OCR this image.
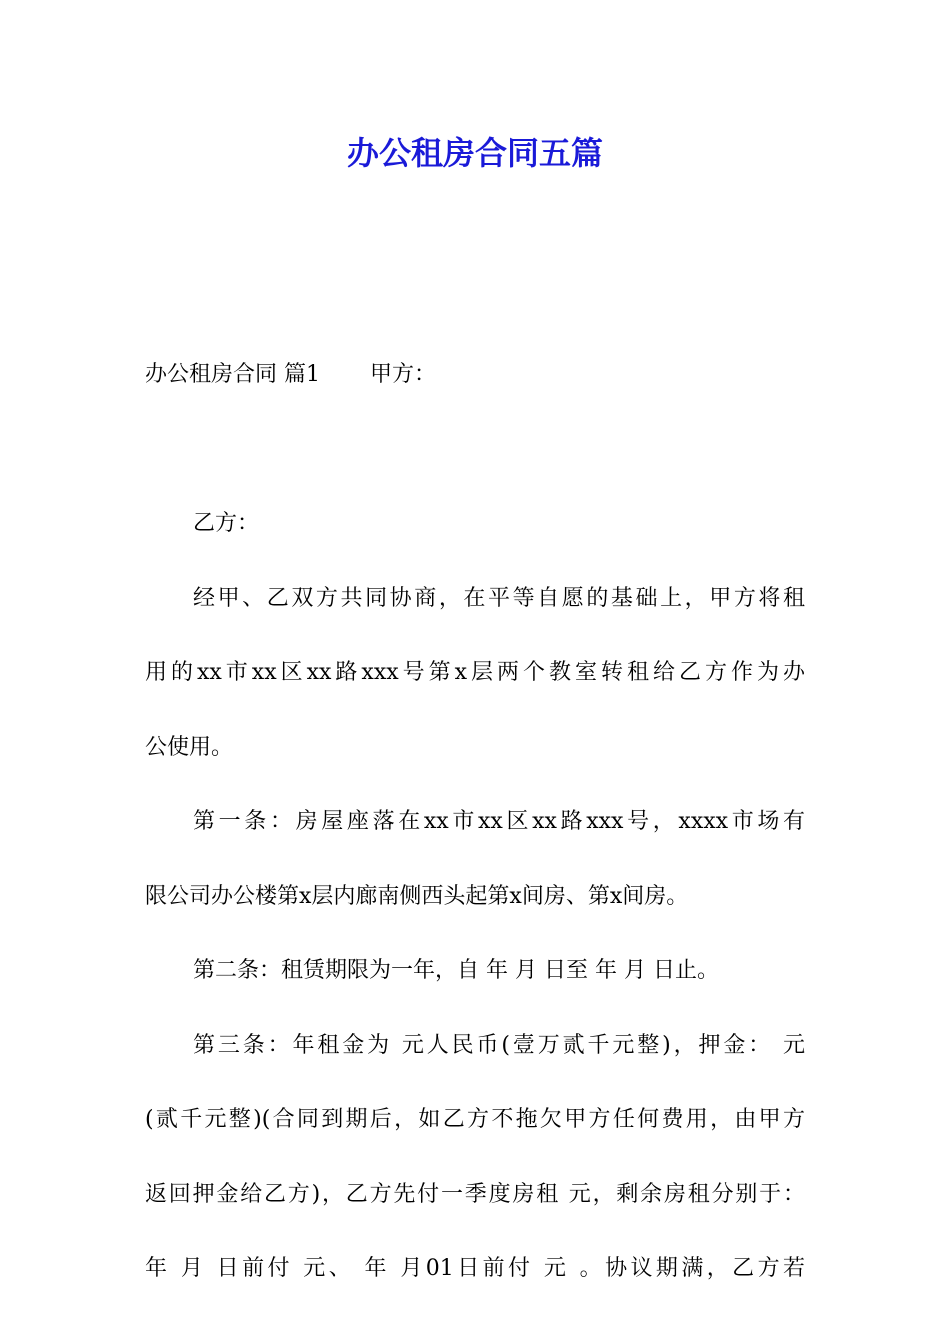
办公租房合同五篇
办公租房合同 篇1 甲方：
乙方：
经甲、乙双方共同协商，在平等自愿的基础上，甲方将租
用的xx市xx区xx路xxx号第x层两个教室转租给乙方作为办
公使用。
第一条：房屋座落在xx市xx区xx路xxx号，xxxx市场有
限公司办公楼第x层内廊南侧西头起第x间房、第x间房。
第二条：租赁期限为一年，自 年 月 日至 年 月 日止。
第三条：年租金为 元人民币(壹万贰千元整)，押金： 元
(贰千元整)(合同到期后，如乙方不拖欠甲方任何费用，由甲方
返回押金给乙方)，乙方先付一季度房租 元，剩余房租分别于：
年 月 日前付 元、 年 月01日前付 元 。协议期满，乙方若
